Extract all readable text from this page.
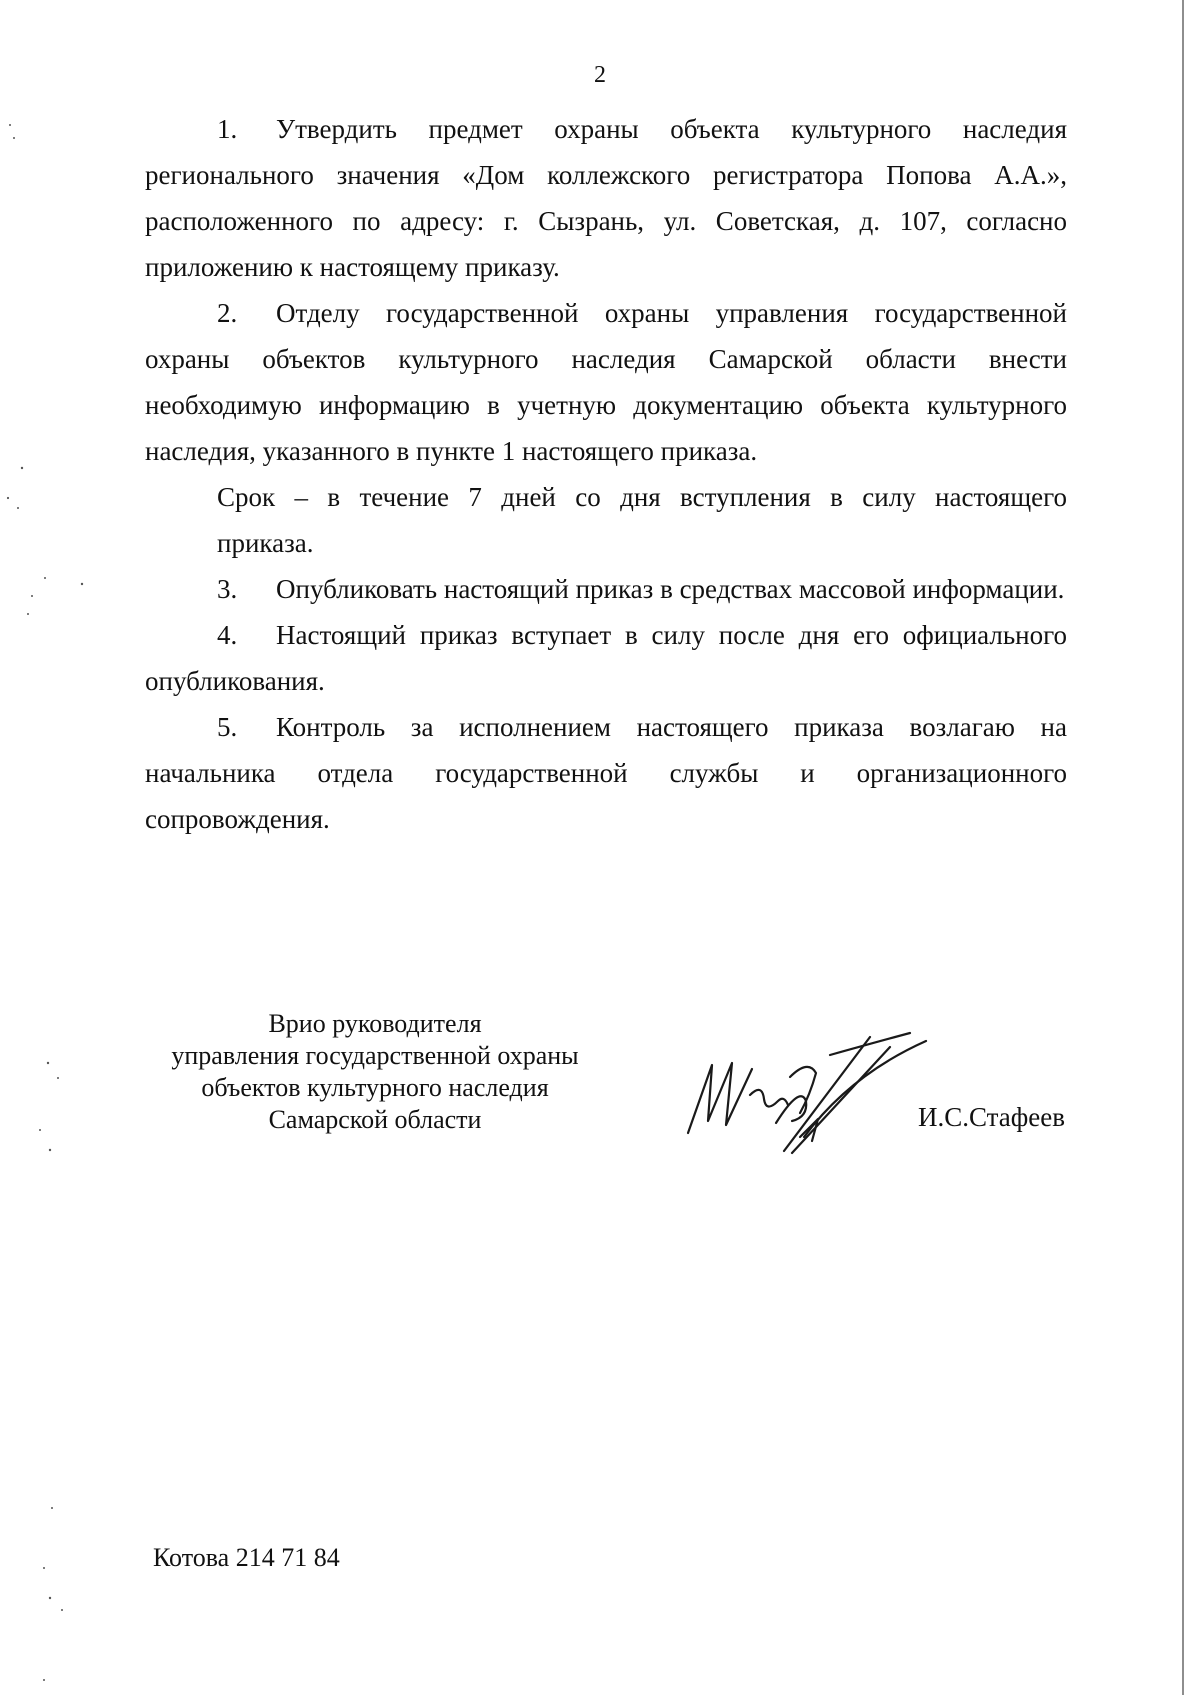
2

1. Утвердить предмет охраны объекта культурного наследия регионального значения «Дом коллежского регистратора Попова А.А.», расположенного по адресу: г. Сызрань, ул. Советская, д. 107, согласно приложению к настоящему приказу.

2. Отделу государственной охраны управления государственной охраны объектов культурного наследия Самарской области внести необходимую информацию в учетную документацию объекта культурного наследия, указанного в пункте 1 настоящего приказа.

Срок – в течение 7 дней со дня вступления в силу настоящего
приказа.

3. Опубликовать настоящий приказ в средствах массовой информации.

4. Настоящий приказ вступает в силу после дня его официального опубликования.

5. Контроль за исполнением настоящего приказа возлагаю на начальника отдела государственной службы и организационного сопровождения.

Врио руководителя
управления государственной охраны
объектов культурного наследия
Самарской области	И.С.Стафеев
Котова 214 71 84
